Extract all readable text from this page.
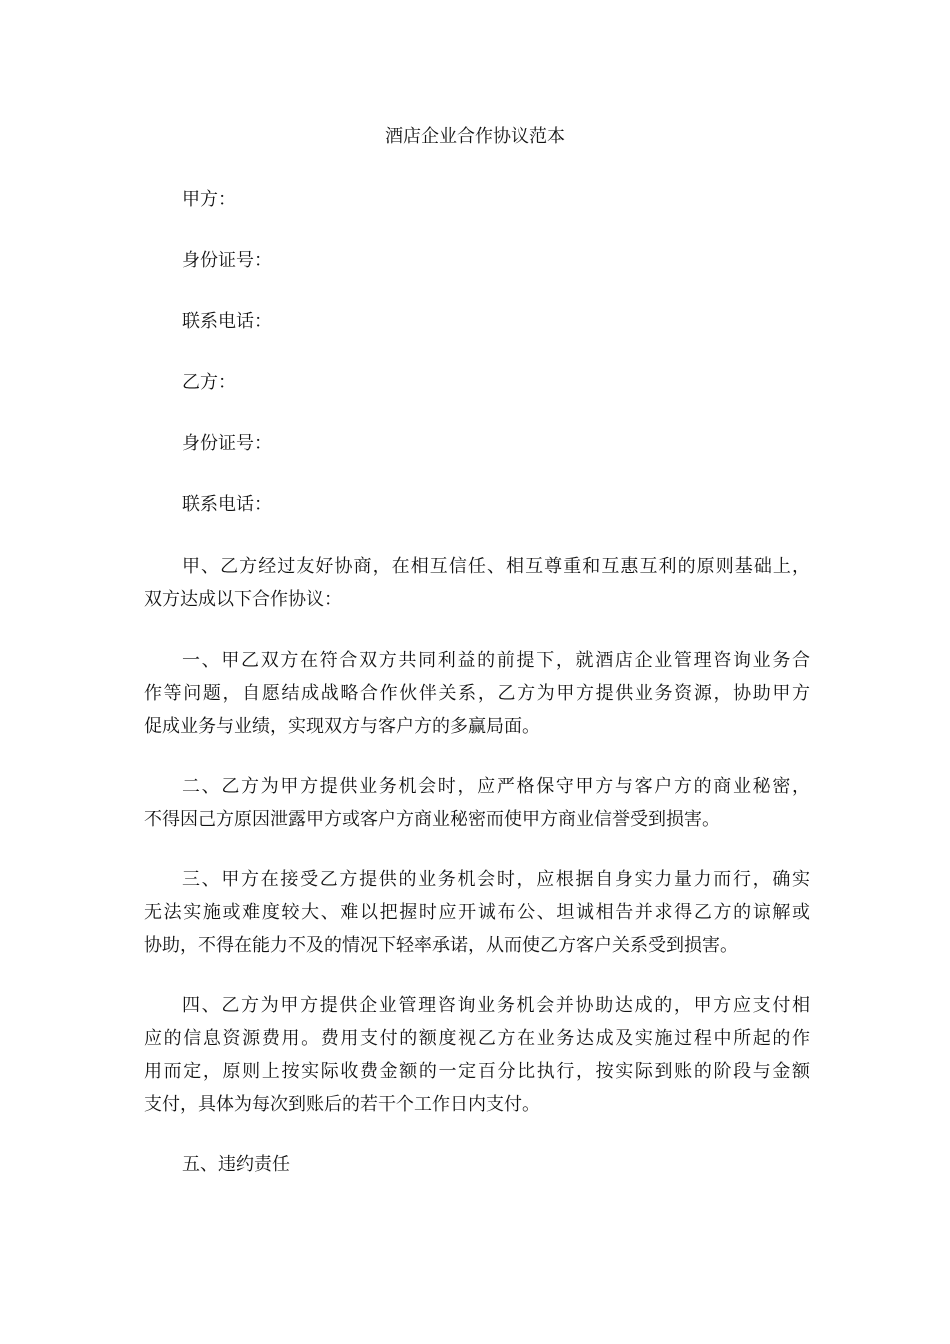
酒店企业合作协议范本
甲方：
身份证号：
联系电话：
乙方：
身份证号：
联系电话：
甲、乙方经过友好协商，在相互信任、相互尊重和互惠互利的原则基础上，
双方达成以下合作协议：
一、甲乙双方在符合双方共同利益的前提下，就酒店企业管理咨询业务合
作等问题，自愿结成战略合作伙伴关系，乙方为甲方提供业务资源，协助甲方
促成业务与业绩，实现双方与客户方的多赢局面。
二、乙方为甲方提供业务机会时，应严格保守甲方与客户方的商业秘密，
不得因己方原因泄露甲方或客户方商业秘密而使甲方商业信誉受到损害。
三、甲方在接受乙方提供的业务机会时，应根据自身实力量力而行，确实
无法实施或难度较大、难以把握时应开诚布公、坦诚相告并求得乙方的谅解或
协助，不得在能力不及的情况下轻率承诺，从而使乙方客户关系受到损害。
四、乙方为甲方提供企业管理咨询业务机会并协助达成的，甲方应支付相
应的信息资源费用。费用支付的额度视乙方在业务达成及实施过程中所起的作
用而定，原则上按实际收费金额的一定百分比执行，按实际到账的阶段与金额
支付，具体为每次到账后的若干个工作日内支付。
五、违约责任
